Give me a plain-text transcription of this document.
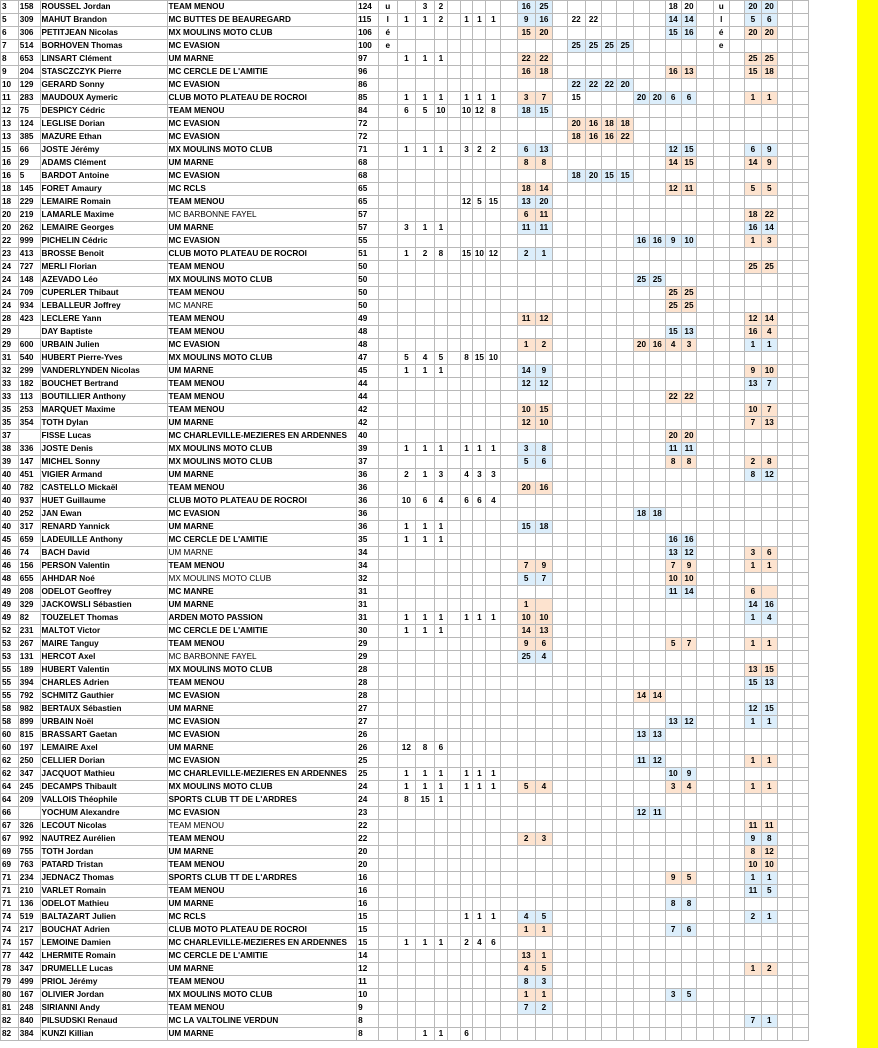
3	158	ROUSSEL Jordan	TEAM MENOU	124	u		3	2						16	25								18	20		u		20	20		
5	309	MAHUT Brandon	MC BUTTES DE BEAUREGARD	115	l	1	1	2		1	1	1		9	16		22	22					14	14		l		5	6		
6	306	PETITJEAN Nicolas	MX MOULINS MOTO CLUB	106	é									15	20								15	16		é		20	20		
7	514	BORHOVEN Thomas	MC EVASION	100	e												25	25	25	25						e					
8	653	LINSART Clément	UM MARNE	97		1	1	1						22	22													25	25		
9	204	STASCZCZYK Pierre	MC CERCLE DE L'AMITIE	96										16	18								16	13				15	18		
10	129	GERARD Sonny	MC EVASION	86													22	22	22	20											
11	283	MAUDOUX Aymeric	CLUB MOTO PLATEAU DE ROCROI	85		1	1	1		1	1	1		3	7		15				20	20	6	6				1	1		
12	75	DESPICY Cédric	TEAM MENOU	84		6	5	10		10	12	8		18	15																
13	124	LEGLISE Dorian	MC EVASION	72													20	16	18	18											
13	385	MAZURE Ethan	MC EVASION	72													18	16	16	22											
15	66	JOSTE Jérémy	MX MOULINS MOTO CLUB	71		1	1	1		3	2	2		6	13								12	15				6	9		
16	29	ADAMS Clément	UM MARNE	68										8	8								14	15				14	9		
16	5	BARDOT Antoine	MC EVASION	68													18	20	15	15											
18	145	FORET Amaury	MC RCLS	65										18	14								12	11				5	5		
18	229	LEMAIRE Romain	TEAM MENOU	65						12	5	15		13	20																
20	219	LAMARLE Maxime	MC BARBONNE FAYEL	57										6	11													18	22		
20	262	LEMAIRE Georges	UM MARNE	57		3	1	1						11	11													16	14		
22	999	PICHELIN Cédric	MC EVASION	55																	16	16	9	10				1	3		
23	413	BROSSE Benoit	CLUB MOTO PLATEAU DE ROCROI	51		1	2	8		15	10	12		2	1																
24	727	MERLI Florian	TEAM MENOU	50																								25	25		
24	148	AZEVADO Léo	MX MOULINS MOTO CLUB	50																	25	25									
24	709	CUPERLER Thibaut	TEAM MENOU	50																			25	25							
24	934	LEBALLEUR Joffrey	MC MANRE	50																			25	25							
28	423	LECLERE Yann	TEAM MENOU	49										11	12													12	14		
29		DAY Baptiste	TEAM MENOU	48																			15	13				16	4		
29	600	URBAIN Julien	MC EVASION	48										1	2						20	16	4	3				1	1		
31	540	HUBERT Pierre-Yves	MX MOULINS MOTO CLUB	47		5	4	5		8	15	10																			
32	299	VANDERLYNDEN Nicolas	UM MARNE	45		1	1	1						14	9													9	10		
33	182	BOUCHET Bertrand	TEAM MENOU	44										12	12													13	7		
33	113	BOUTILLIER Anthony	TEAM MENOU	44																			22	22							
35	253	MARQUET Maxime	TEAM MENOU	42										10	15													10	7		
35	354	TOTH Dylan	UM MARNE	42										12	10													7	13		
37		FISSE Lucas	MC CHARLEVILLE-MEZIERES EN ARDENNES	40																			20	20							
38	336	JOSTE Denis	MX MOULINS MOTO CLUB	39		1	1	1		1	1	1		3	8								11	11							
39	147	MICHEL Sonny	MX MOULINS MOTO CLUB	37										5	6								8	8				2	8		
40	451	VIGIER Armand	UM MARNE	36		2	1	3		4	3	3																8	12		
40	782	CASTELLO Mickaël	TEAM MENOU	36										20	16																
40	937	HUET Guillaume	CLUB MOTO PLATEAU DE ROCROI	36		10	6	4		6	6	4																			
40	252	JAN Ewan	MC EVASION	36																	18	18									
40	317	RENARD Yannick	UM MARNE	36		1	1	1						15	18																
45	659	LADEUILLE Anthony	MC CERCLE DE L'AMITIE	35		1	1	1															16	16							
46	74	BACH David	UM MARNE	34																			13	12				3	6		
46	156	PERSON Valentin	TEAM MENOU	34										7	9								7	9				1	1		
48	655	AHHDAR Noé	MX MOULINS MOTO CLUB	32										5	7								10	10							
49	208	ODELOT Geoffrey	MC MANRE	31																			11	14				6			
49	329	JACKOWSLI Sébastien	UM MARNE	31										1														14	16		
49	82	TOUZELET Thomas	ARDEN MOTO PASSION	31		1	1	1		1	1	1		10	10													1	4		
52	231	MALTOT Victor	MC CERCLE DE L'AMITIE	30		1	1	1						14	13																
53	267	MAIRE Tanguy	TEAM MENOU	29										9	6								5	7				1	1		
53	131	HERCOT Axel	MC BARBONNE FAYEL	29										25	4																
55	189	HUBERT Valentin	MX MOULINS MOTO CLUB	28																								13	15		
55	394	CHARLES Adrien	TEAM MENOU	28																								15	13		
55	792	SCHMITZ Gauthier	MC EVASION	28																	14	14									
58	982	BERTAUX Sébastien	UM MARNE	27																								12	15		
58	899	URBAIN Noël	MC EVASION	27																			13	12				1	1		
60	815	BRASSART Gaetan	MC EVASION	26																	13	13									
60	197	LEMAIRE Axel	UM MARNE	26		12	8	6																							
62	250	CELLIER Dorian	MC EVASION	25																	11	12						1	1		
62	347	JACQUOT Mathieu	MC CHARLEVILLE-MEZIERES EN ARDENNES	25		1	1	1		1	1	1											10	9							
64	245	DECAMPS Thibault	MX MOULINS MOTO CLUB	24		1	1	1		1	1	1		5	4								3	4				1	1		
64	209	VALLOIS Théophile	SPORTS CLUB TT DE L'ARDRES	24		8	15	1																							
66		YOCHUM Alexandre	MC EVASION	23																	12	11									
67	326	LECOUT Nicolas	TEAM MENOU	22																								11	11		
67	992	NAUTREZ Aurélien	TEAM MENOU	22										2	3													9	8		
69	755	TOTH Jordan	UM MARNE	20																								8	12		
69	763	PATARD Tristan	TEAM MENOU	20																								10	10		
71	234	JEDNACZ Thomas	SPORTS CLUB TT DE L'ARDRES	16																			9	5				1	1		
71	210	VARLET Romain	TEAM MENOU	16																								11	5		
71	136	ODELOT Mathieu	UM MARNE	16																			8	8							
74	519	BALTAZART Julien	MC RCLS	15						1	1	1		4	5													2	1		
74	217	BOUCHAT Adrien	CLUB MOTO PLATEAU DE ROCROI	15										1	1								7	6							
74	157	LEMOINE Damien	MC CHARLEVILLE-MEZIERES EN ARDENNES	15		1	1	1		2	4	6																			
77	442	LHERMITE Romain	MC CERCLE DE L'AMITIE	14										13	1																
78	347	DRUMELLE Lucas	UM MARNE	12										4	5													1	2		
79	499	PRIOL Jérémy	TEAM MENOU	11										8	3																
80	167	OLIVIER Jordan	MX MOULINS MOTO CLUB	10										1	1								3	5							
81	248	SIRIANNI Andy	TEAM MENOU	9										7	2																
82	840	PILSUDSKI Renaud	MC LA VALTOLINE VERDUN	8																								7	1		
82	384	KUNZI Killian	UM MARNE	8			1	1		6																					
